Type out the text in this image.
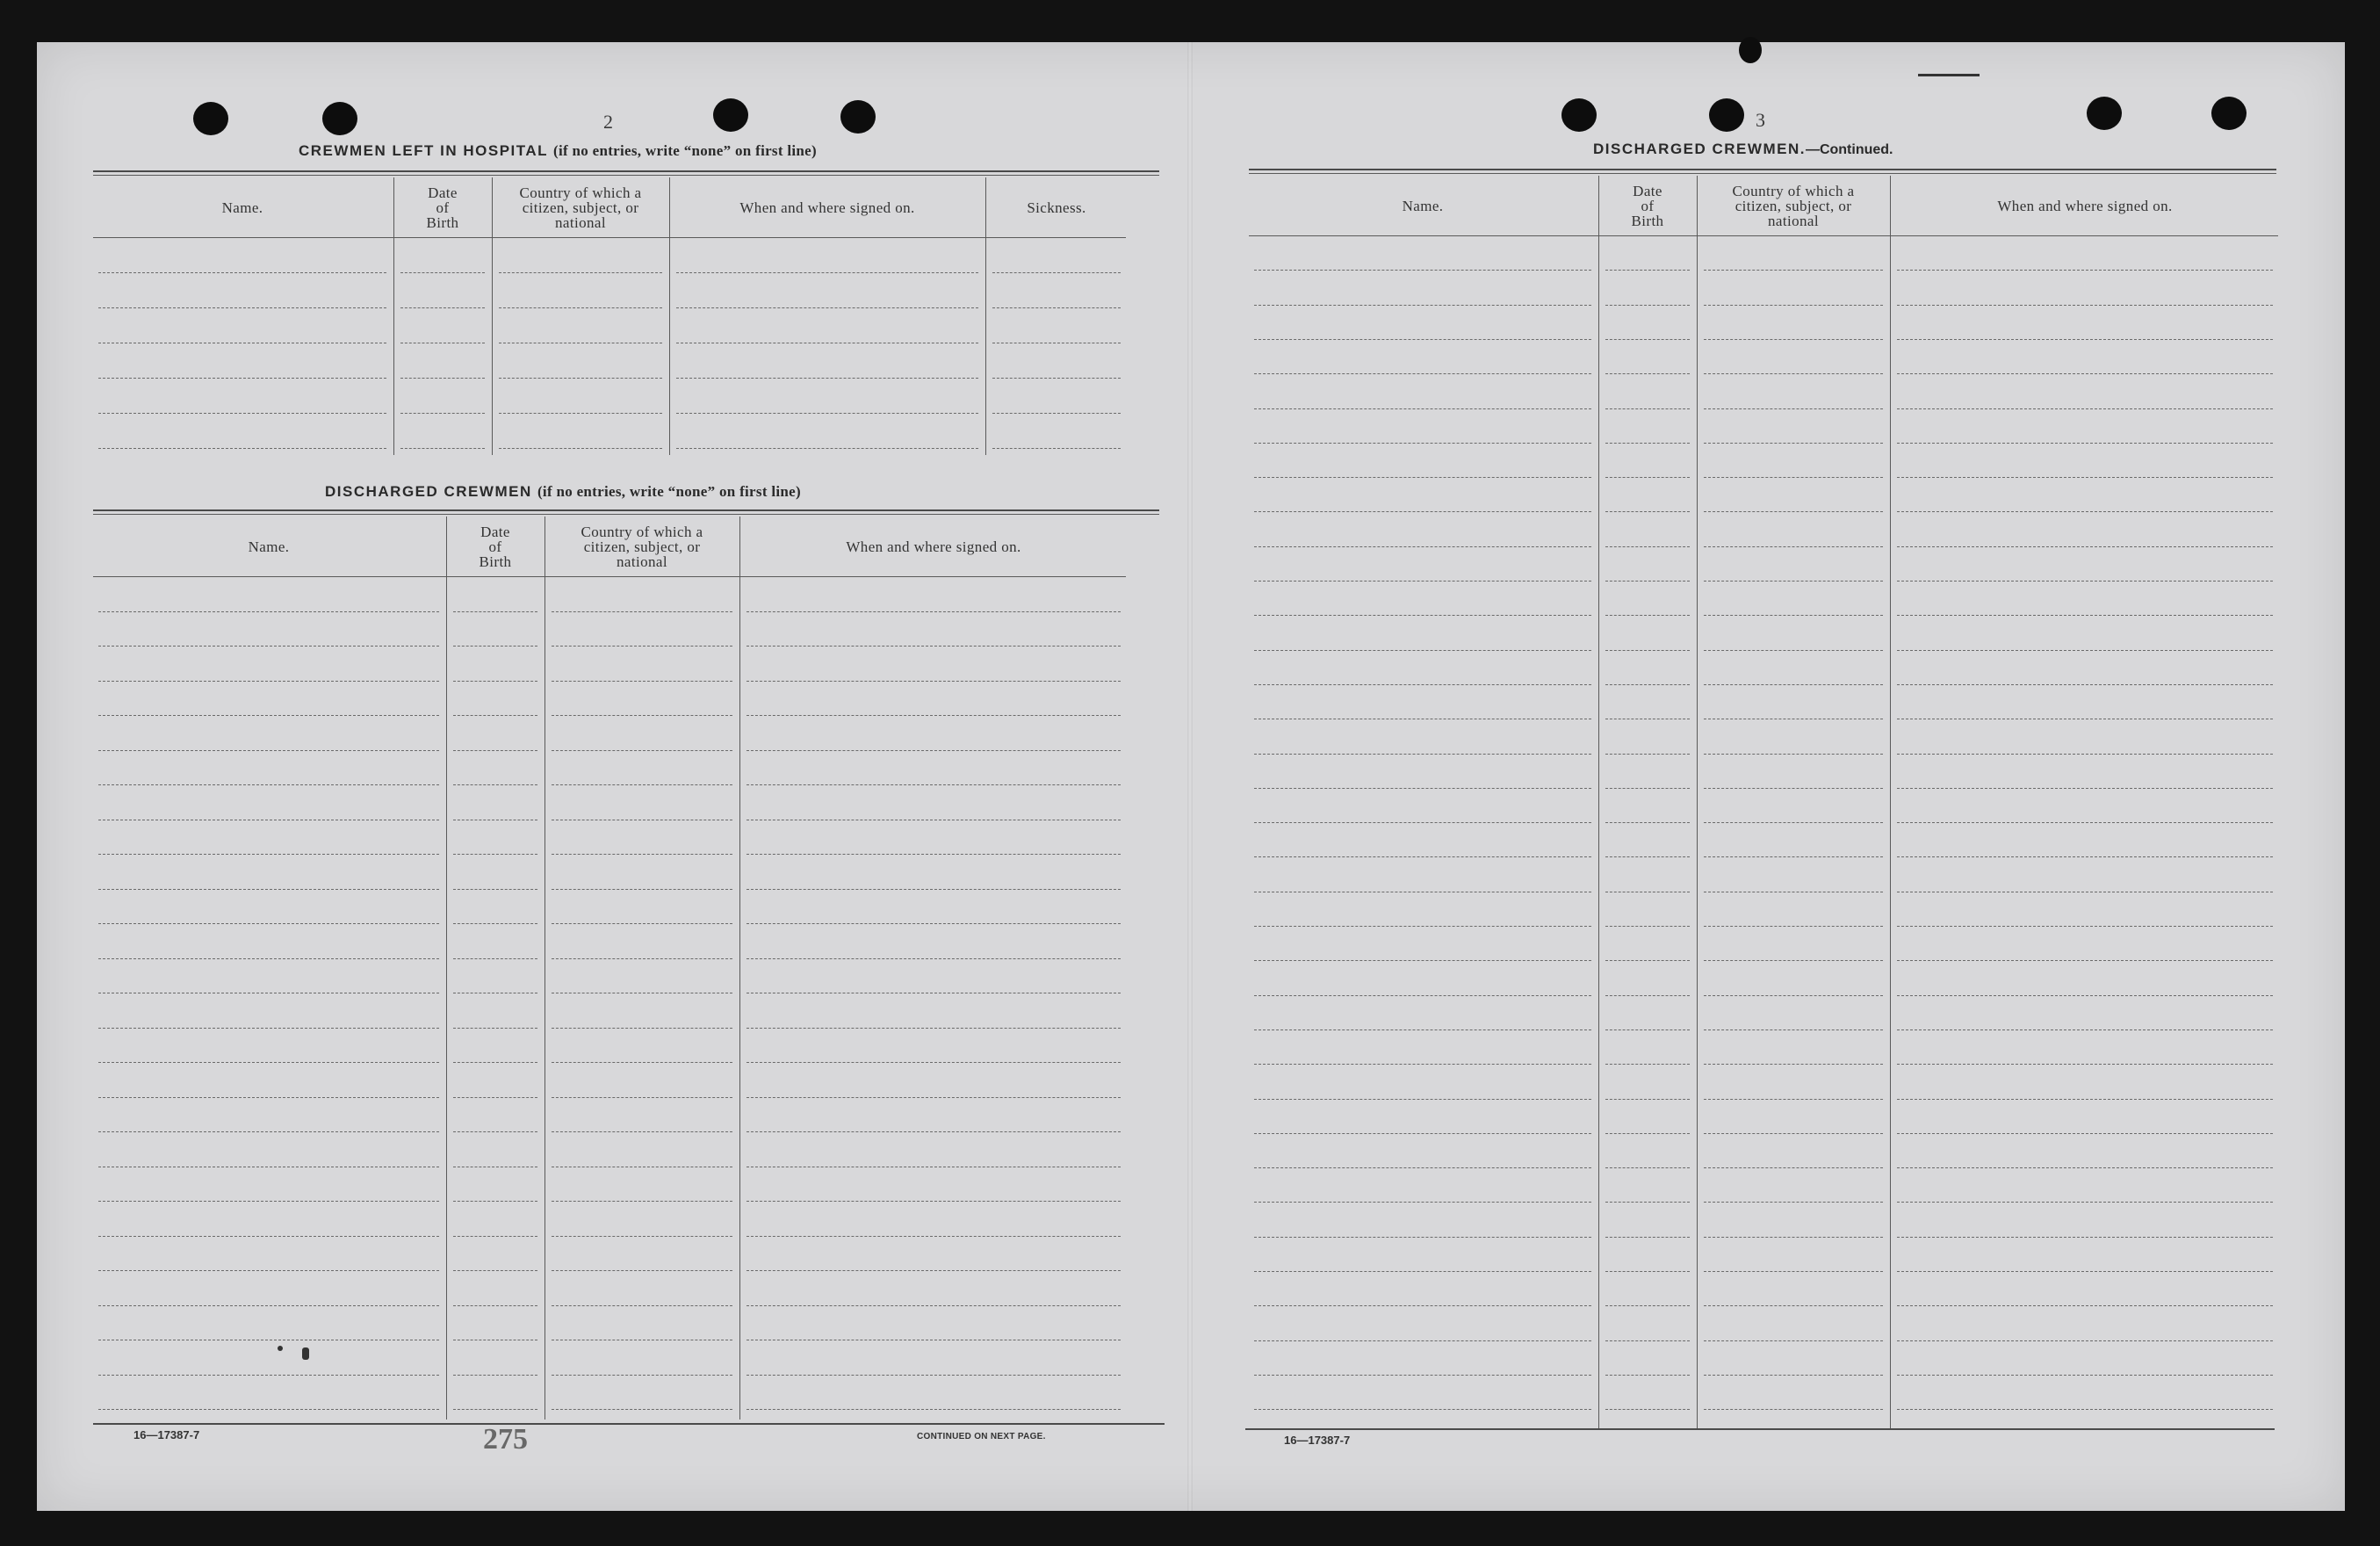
2
CREWMEN LEFT IN HOSPITAL (if no entries, write “none” on first line)
DISCHARGED CREWMEN (if no entries, write “none” on first line)
16—17387-7	CONTINUED ON NEXT PAGE.
275
3
DISCHARGED CREWMEN.—Continued.
16—17387-7
Name.
Date
of
Birth
Country of which a
citizen, subject, or
national
When and where signed on.	Sickness.
Name.
Date
of
Birth
Country of which a
citizen, subject, or
national
When and where signed on.
Name.
Date
of
Birth
Country of which a
citizen, subject, or
national
When and where signed on.
